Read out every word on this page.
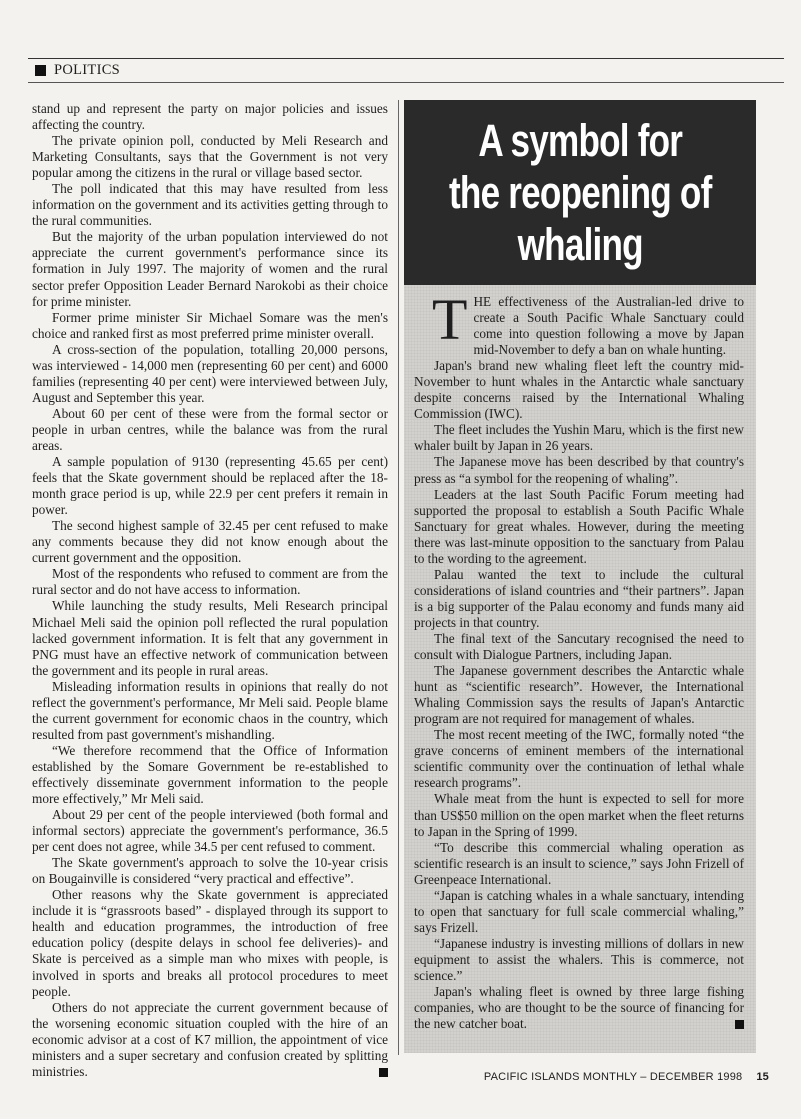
POLITICS

stand up and represent the party on major policies and issues affecting the country.

The private opinion poll, conducted by Meli Research and Marketing Consultants, says that the Government is not very popular among the citizens in the rural or village based sector.

The poll indicated that this may have resulted from less information on the government and its activities getting through to the rural communities.

But the majority of the urban population interviewed do not appreciate the current government's performance since its formation in July 1997. The majority of women and the rural sector prefer Opposition Leader Bernard Narokobi as their choice for prime minister.

Former prime minister Sir Michael Somare was the men's choice and ranked first as most preferred prime minister overall.

A cross-section of the population, totalling 20,000 persons, was interviewed - 14,000 men (representing 60 per cent) and 6000 families (representing 40 per cent) were interviewed between July, August and September this year.

About 60 per cent of these were from the formal sector or people in urban centres, while the balance was from the rural areas.

A sample population of 9130 (representing 45.65 per cent) feels that the Skate government should be replaced after the 18-month grace period is up, while 22.9 per cent prefers it remain in power.

The second highest sample of 32.45 per cent refused to make any comments because they did not know enough about the current government and the opposition.

Most of the respondents who refused to comment are from the rural sector and do not have access to information.

While launching the study results, Meli Research principal Michael Meli said the opinion poll reflected the rural population lacked government information. It is felt that any government in PNG must have an effective network of communication between the government and its people in rural areas.

Misleading information results in opinions that really do not reflect the government's performance, Mr Meli said. People blame the current government for economic chaos in the country, which resulted from past government's mishandling.

“We therefore recommend that the Office of Information established by the Somare Government be re-established to effectively disseminate government information to the people more effectively,” Mr Meli said.

About 29 per cent of the people interviewed (both formal and informal sectors) appreciate the government's performance, 36.5 per cent does not agree, while 34.5 per cent refused to comment.

The Skate government's approach to solve the 10-year crisis on Bougainville is considered “very practical and effective”.

Other reasons why the Skate government is appreciated include it is “grassroots based” - displayed through its support to health and education programmes, the introduction of free education policy (despite delays in school fee deliveries)- and Skate is perceived as a simple man who mixes with people, is involved in sports and breaks all protocol procedures to meet people.

Others do not appreciate the current government because of the worsening economic situation coupled with the hire of an economic advisor at a cost of K7 million, the appointment of vice ministers and a super secretary and confusion created by splitting ministries.

A symbol for
the reopening of
whaling

THE effectiveness of the Australian-led drive to create a South Pacific Whale Sanctuary could come into question following a move by Japan mid-November to defy a ban on whale hunting.

Japan's brand new whaling fleet left the country mid-November to hunt whales in the Antarctic whale sanctuary despite concerns raised by the International Whaling Commission (IWC).

The fleet includes the Yushin Maru, which is the first new whaler built by Japan in 26 years.

The Japanese move has been described by that country's press as “a symbol for the reopening of whaling”.

Leaders at the last South Pacific Forum meeting had supported the proposal to establish a South Pacific Whale Sanctuary for great whales. However, during the meeting there was last-minute opposition to the sanctuary from Palau to the wording to the agreement.

Palau wanted the text to include the cultural considerations of island countries and “their partners”. Japan is a big supporter of the Palau economy and funds many aid projects in that country.

The final text of the Sancutary recognised the need to consult with Dialogue Partners, including Japan.

The Japanese government describes the Antarctic whale hunt as “scientific research”. However, the International Whaling Commission says the results of Japan's Antarctic program are not required for management of whales.

The most recent meeting of the IWC, formally noted “the grave concerns of eminent members of the international scientific community over the continuation of lethal whale research programs”.

Whale meat from the hunt is expected to sell for more than US$50 million on the open market when the fleet returns to Japan in the Spring of 1999.

“To describe this commercial whaling operation as scientific research is an insult to science,” says John Frizell of Greenpeace International.

“Japan is catching whales in a whale sanctuary, intending to open that sanctuary for full scale commercial whaling,” says Frizell.

“Japanese industry is investing millions of dollars in new equipment to assist the whalers. This is commerce, not science.”

Japan's whaling fleet is owned by three large fishing companies, who are thought to be the source of financing for the new catcher boat.

PACIFIC ISLANDS MONTHLY – DECEMBER 1998 15
